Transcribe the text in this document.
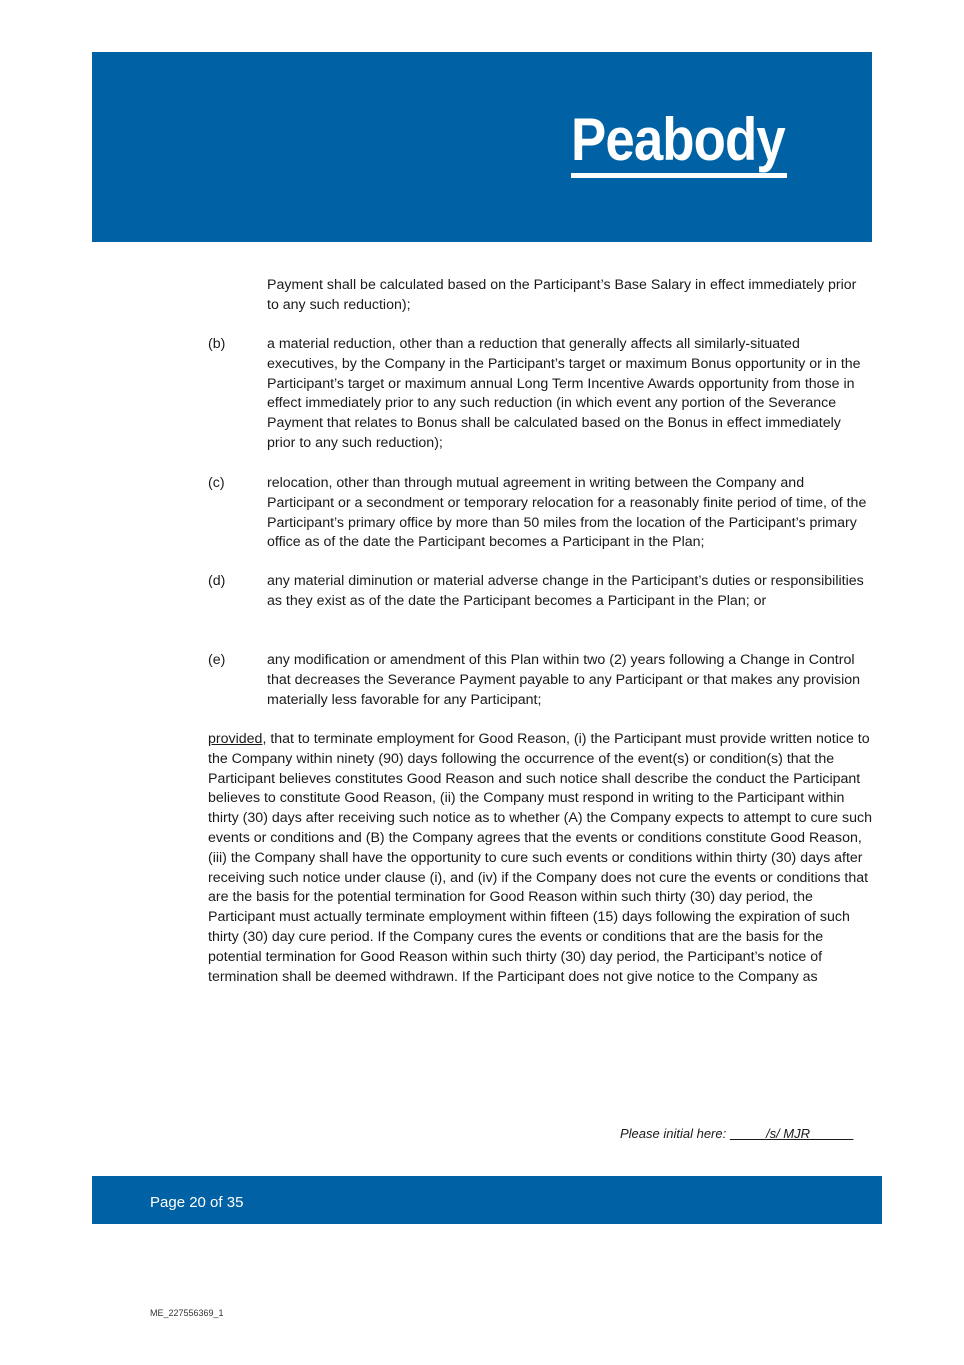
Peabody
Payment shall be calculated based on the Participant’s Base Salary in effect immediately prior to any such reduction);
(b)	a material reduction, other than a reduction that generally affects all similarly-situated executives, by the Company in the Participant’s target or maximum Bonus opportunity or in the Participant’s target or maximum annual Long Term Incentive Awards opportunity from those in effect immediately prior to any such reduction (in which event any portion of the Severance Payment that relates to Bonus shall be calculated based on the Bonus in effect immediately prior to any such reduction);
(c)	relocation, other than through mutual agreement in writing between the Company and Participant or a secondment or temporary relocation for a reasonably finite period of time, of the Participant’s primary office by more than 50 miles from the location of the Participant’s primary office as of the date the Participant becomes a Participant in the Plan;
(d)	any material diminution or material adverse change in the Participant’s duties or responsibilities as they exist as of the date the Participant becomes a Participant in the Plan; or
(e)	any modification or amendment of this Plan within two (2) years following a Change in Control that decreases the Severance Payment payable to any Participant or that makes any provision materially less favorable for any Participant;
provided, that to terminate employment for Good Reason, (i) the Participant must provide written notice to the Company within ninety (90) days following the occurrence of the event(s) or condition(s) that the Participant believes constitutes Good Reason and such notice shall describe the conduct the Participant believes to constitute Good Reason, (ii) the Company must respond in writing to the Participant within thirty (30) days after receiving such notice as to whether (A) the Company expects to attempt to cure such events or conditions and (B) the Company agrees that the events or conditions constitute Good Reason, (iii) the Company shall have the opportunity to cure such events or conditions within thirty (30) days after receiving such notice under clause (i), and (iv) if the Company does not cure the events or conditions that are the basis for the potential termination for Good Reason within such thirty (30) day period, the Participant must actually terminate employment within fifteen (15) days following the expiration of such thirty (30) day cure period. If the Company cures the events or conditions that are the basis for the potential termination for Good Reason within such thirty (30) day period, the Participant’s notice of termination shall be deemed withdrawn. If the Participant does not give notice to the Company as
Please initial here:	/s/ MJR
Page 20 of 35
ME_227556369_1
